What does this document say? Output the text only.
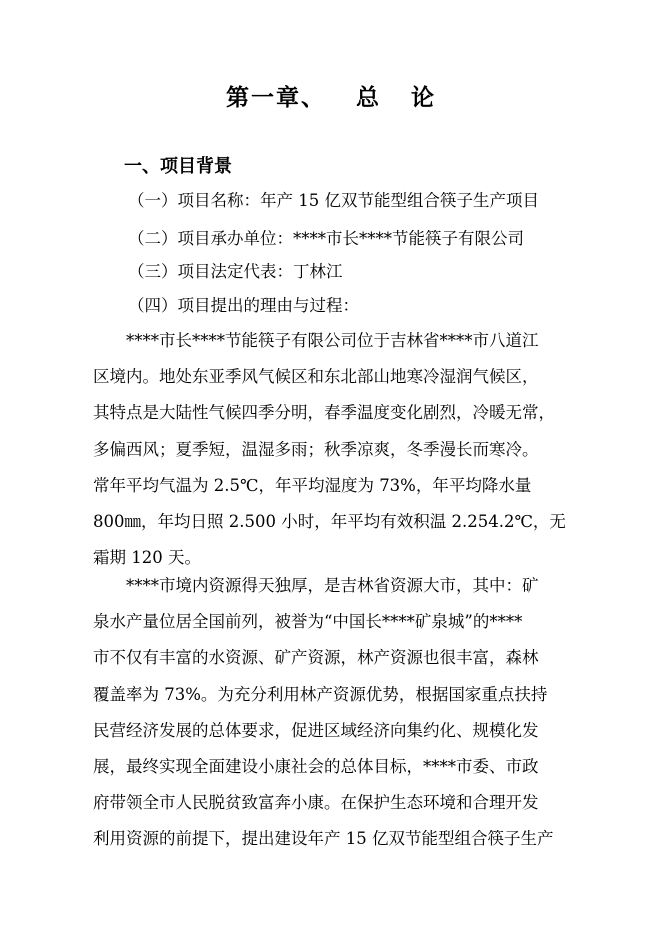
第一章、   总   论
一、项目背景
（一）项目名称：年产 15 亿双节能型组合筷子生产项目
（二）项目承办单位：****市长****节能筷子有限公司
（三）项目法定代表：丁林江
（四）项目提出的理由与过程：
****市长****节能筷子有限公司位于吉林省****市八道江
区境内。地处东亚季风气候区和东北部山地寒冷湿润气候区，
其特点是大陆性气候四季分明，春季温度变化剧烈，冷暖无常，
多偏西风；夏季短，温湿多雨；秋季凉爽，冬季漫长而寒冷。
常年平均气温为 2.5℃，年平均湿度为 73%，年平均降水量
800㎜，年均日照 2.500 小时，年平均有效积温 2.254.2℃，无
霜期 120 天。
****市境内资源得天独厚，是吉林省资源大市，其中：矿
泉水产量位居全国前列，被誉为“中国长****矿泉城”的****
市不仅有丰富的水资源、矿产资源，林产资源也很丰富，森林
覆盖率为 73%。为充分利用林产资源优势，根据国家重点扶持
民营经济发展的总体要求，促进区域经济向集约化、规模化发
展，最终实现全面建设小康社会的总体目标，****市委、市政
府带领全市人民脱贫致富奔小康。在保护生态环境和合理开发
利用资源的前提下，提出建设年产 15 亿双节能型组合筷子生产
